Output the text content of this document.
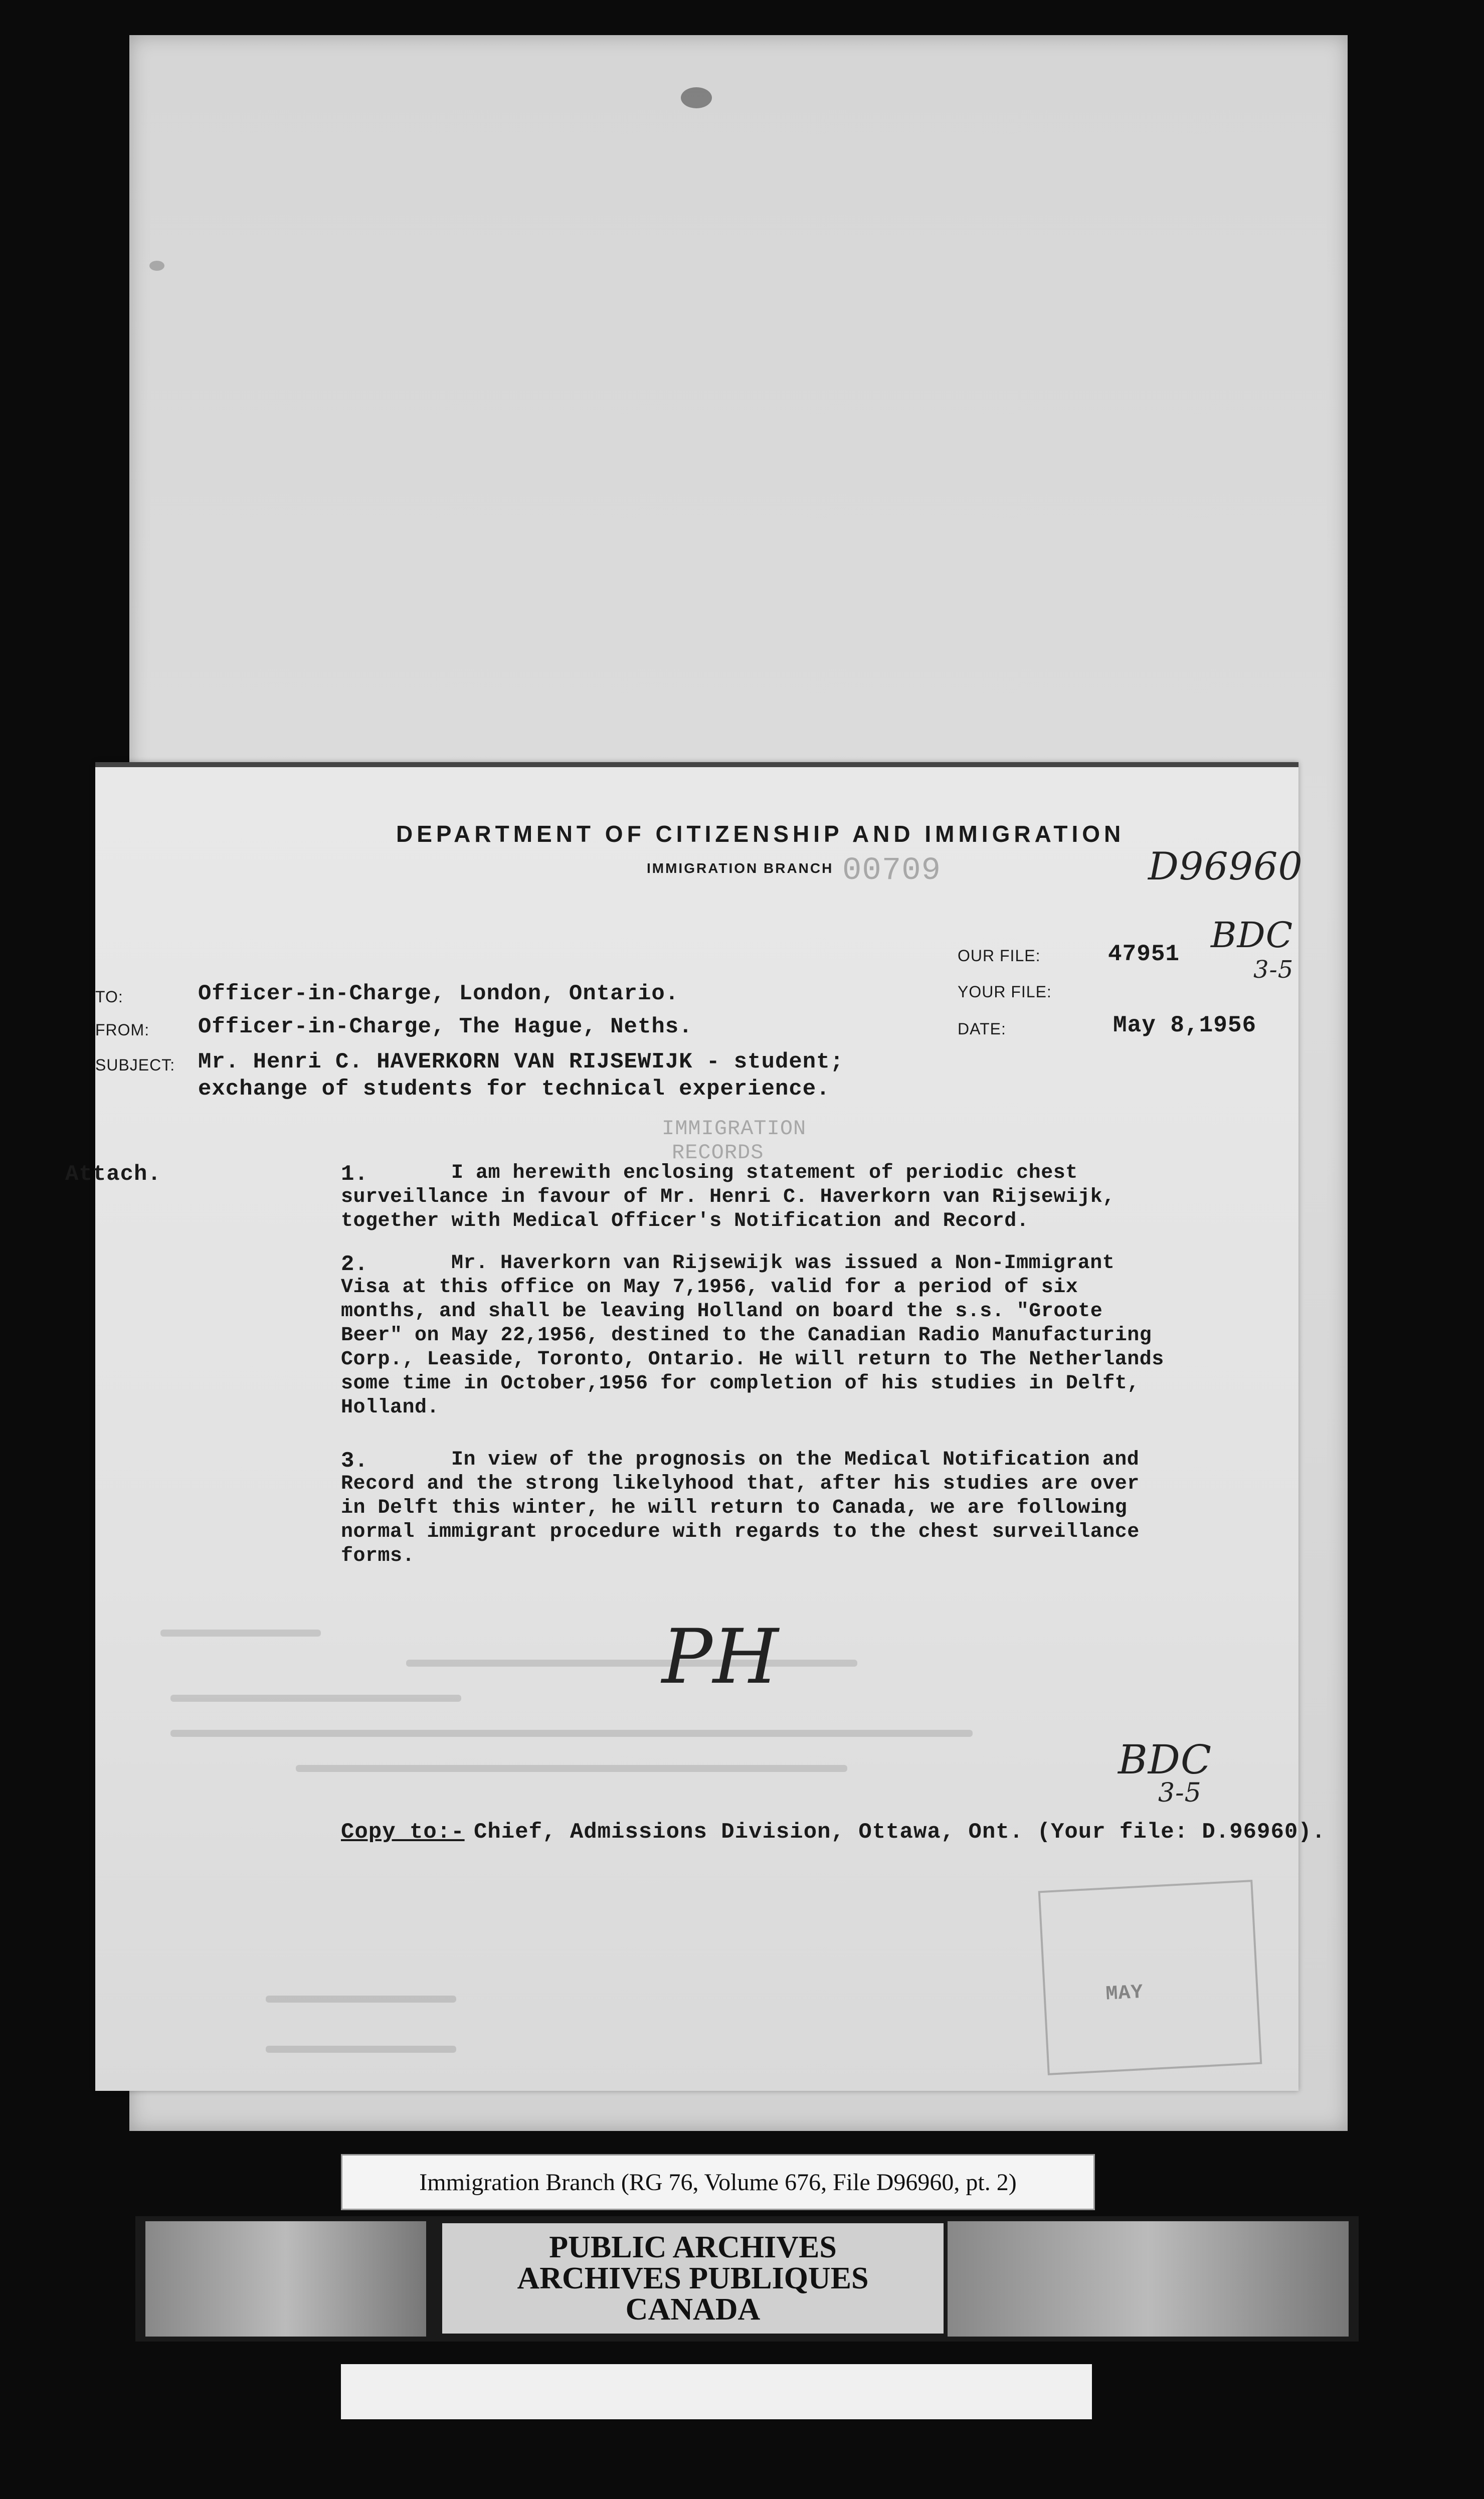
DEPARTMENT OF CITIZENSHIP AND IMMIGRATION
IMMIGRATION BRANCH 00709	D96960
OUR FILE:	47951 BDC
3-5
YOUR FILE:
DATE:	May 8,1956
TO:	Officer-in-Charge, London, Ontario.
FROM: Officer-in-Charge, The Hague, Neths.
SUBJECT: Mr. Henri C. HAVERKORN VAN RIJSEWIJK - student;
exchange of students for technical experience.
IMMIGRATION
RECORDS
Attach.	1.	I am herewith enclosing statement of periodic chest
surveillance in favour of Mr. Henri C. Haverkorn van Rijsewijk,
together with Medical Officer's Notification and Record.
2.	Mr. Haverkorn van Rijsewijk was issued a Non-Immigrant
Visa at this office on May 7,1956, valid for a period of six
months, and shall be leaving Holland on board the s.s. "Groote
Beer" on May 22,1956, destined to the Canadian Radio Manufacturing
Corp., Leaside, Toronto, Ontario. He will return to The Netherlands
some time in October,1956 for completion of his studies in Delft,
Holland.
3.	In view of the prognosis on the Medical Notification and
Record and the strong likelyhood that, after his studies are over
in Delft this winter, he will return to Canada, we are following
normal immigrant procedure with regards to the chest surveillance
forms.
PH
BDC
3-5
Copy to:- Chief, Admissions Division, Ottawa, Ont. (Your file: D.96960).
MAY
Immigration Branch (RG 76, Volume 676, File D96960, pt. 2)
PUBLIC ARCHIVES
ARCHIVES PUBLIQUES
CANADA
